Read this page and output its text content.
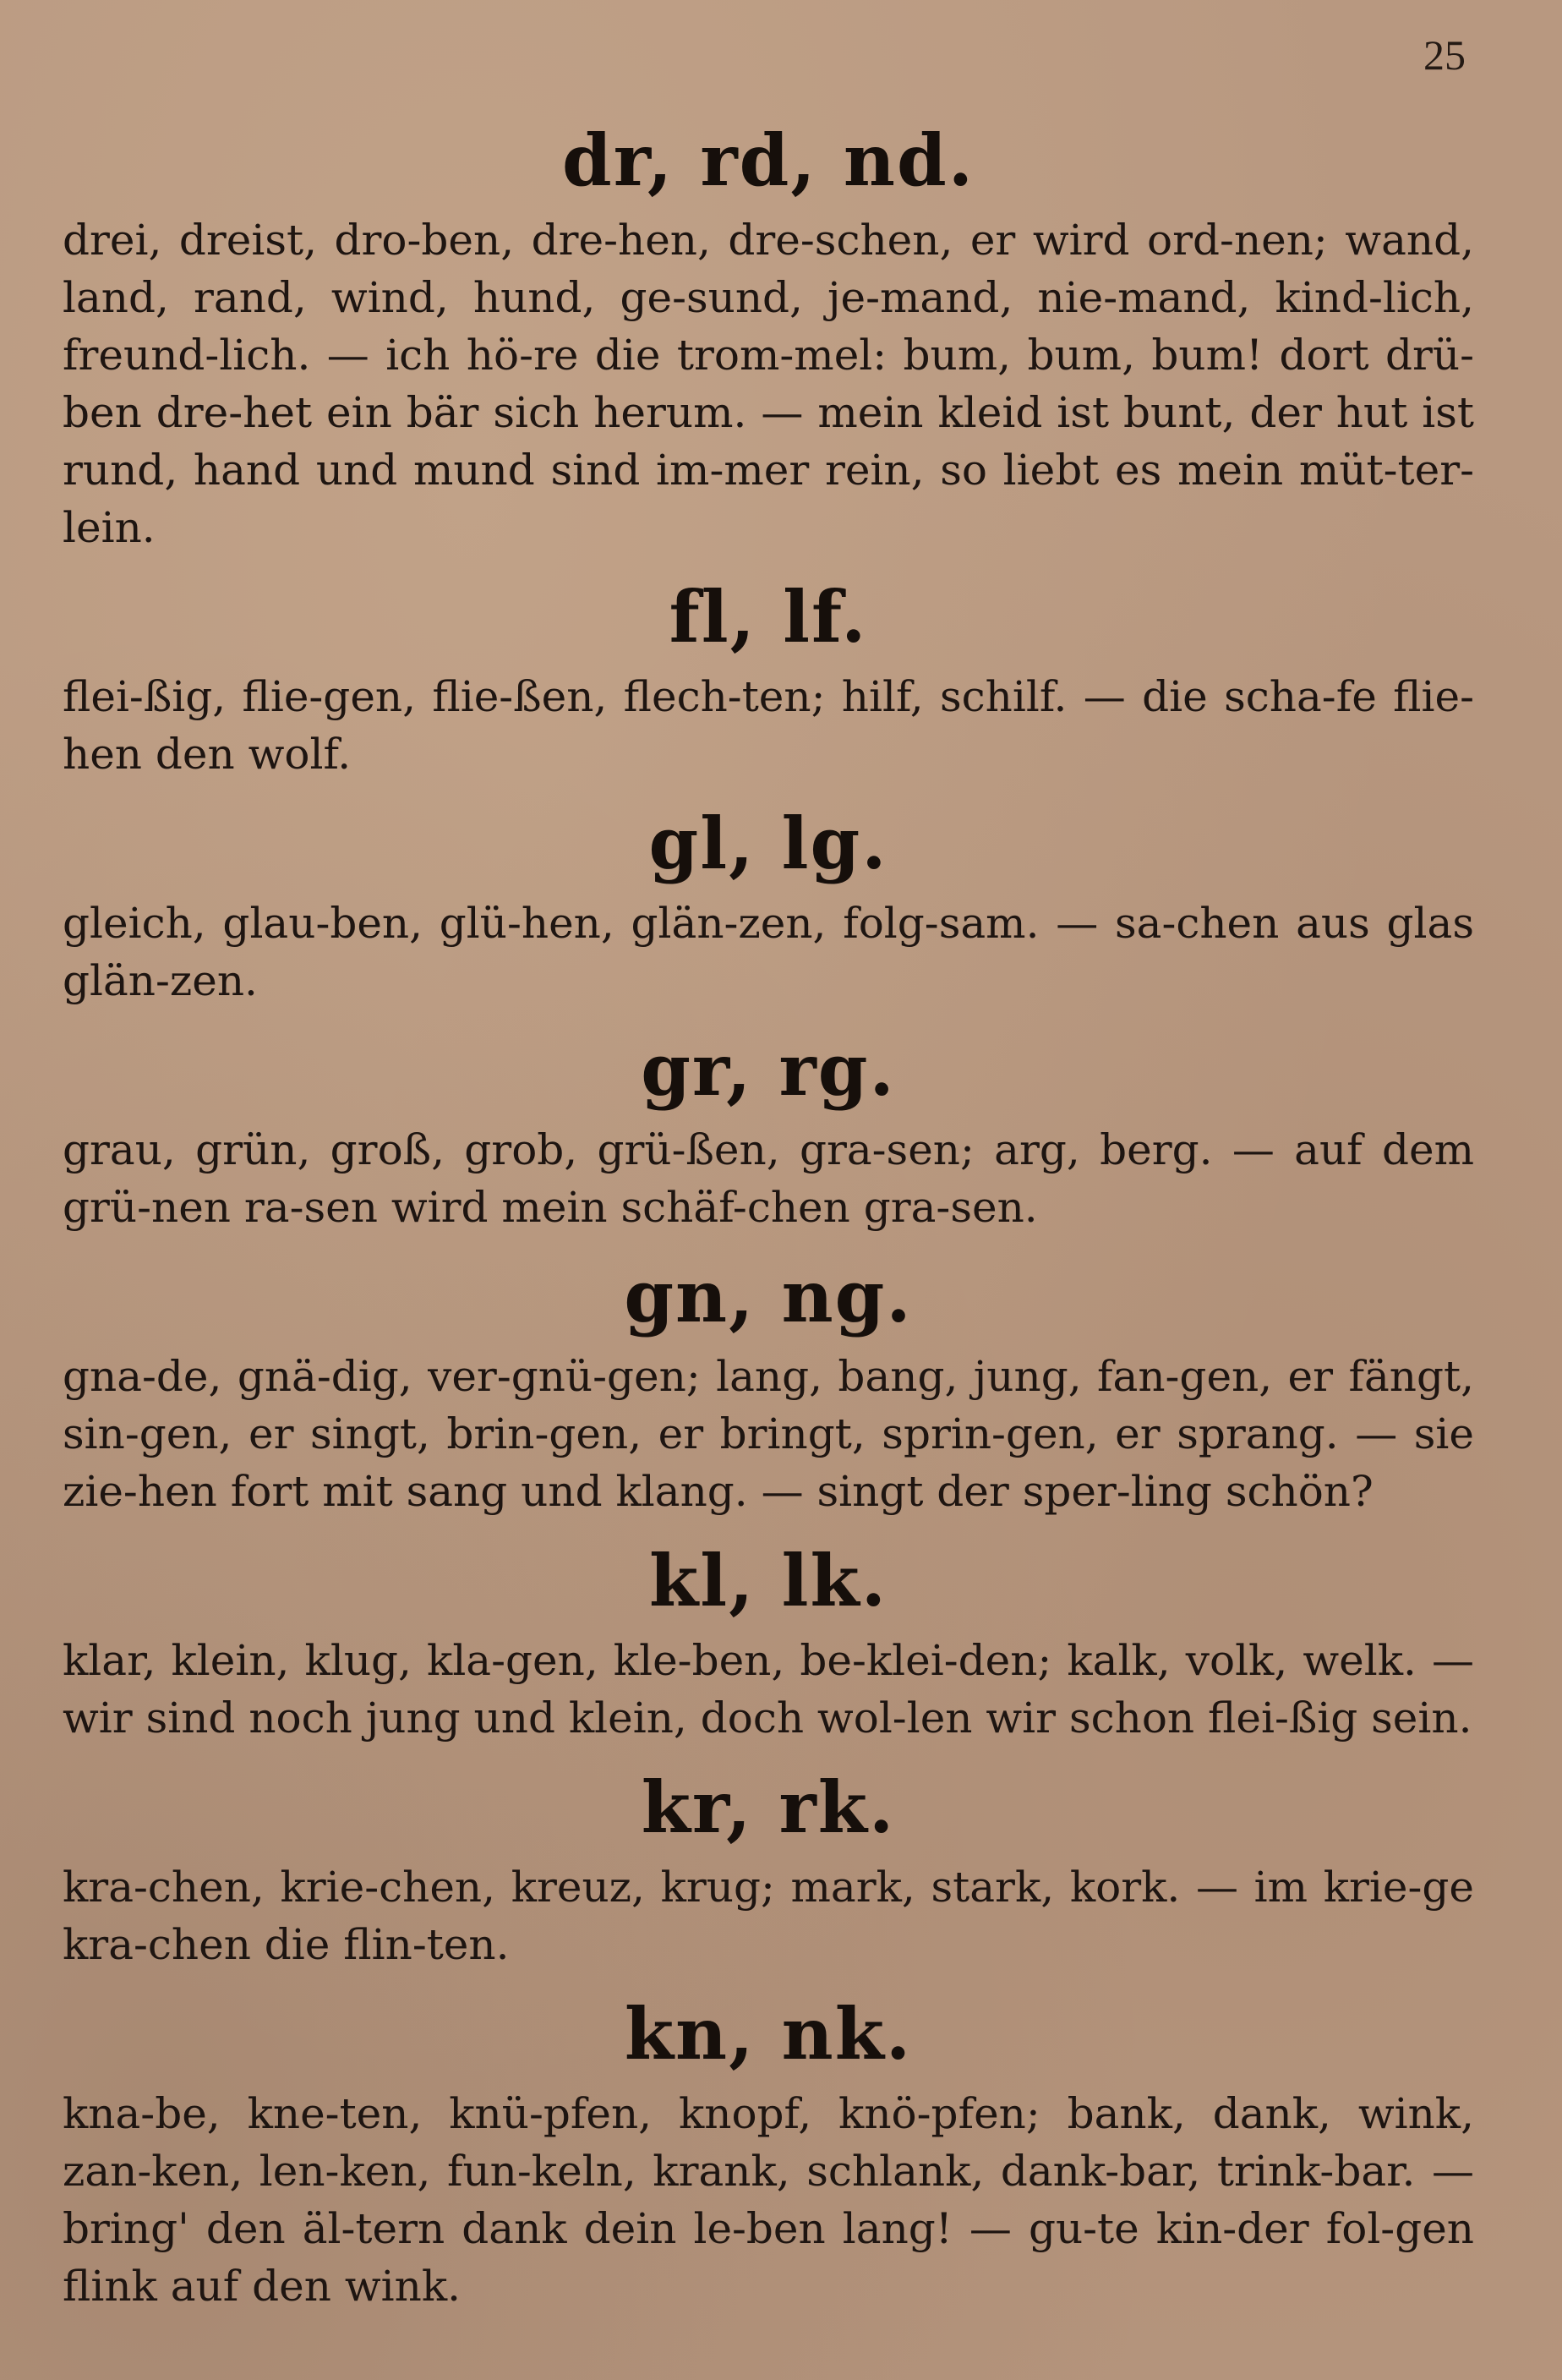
25
dr, rd, nd.

drei, dreist, dro-ben, dre-hen, dre-schen, er wird ord-nen; wand, land, rand, wind, hund, ge-sund, je-mand, nie-mand, kind-lich, freund-lich. — ich hö-re die trom-mel: bum, bum, bum! dort drü-ben dre-het ein bär sich herum. — mein kleid ist bunt, der hut ist rund, hand und mund sind im-mer rein, so liebt es mein müt-ter-lein.

fl, lf.

flei-ßig, flie-gen, flie-ßen, flech-ten; hilf, schilf. — die scha-fe flie-hen den wolf.

gl, lg.

gleich, glau-ben, glü-hen, glän-zen, folg-sam. — sa-chen aus glas glän-zen.

gr, rg.

grau, grün, groß, grob, grü-ßen, gra-sen; arg, berg. — auf dem grü-nen ra-sen wird mein schäf-chen gra-sen.

gn, ng.

gna-de, gnä-dig, ver-gnü-gen; lang, bang, jung, fan-gen, er fängt, sin-gen, er singt, brin-gen, er bringt, sprin-gen, er sprang. — sie zie-hen fort mit sang und klang. — singt der sper-ling schön?

kl, lk.

klar, klein, klug, kla-gen, kle-ben, be-klei-den; kalk, volk, welk. — wir sind noch jung und klein, doch wol-len wir schon flei-ßig sein.

kr, rk.

kra-chen, krie-chen, kreuz, krug; mark, stark, kork. — im krie-ge kra-chen die flin-ten.

kn, nk.

kna-be, kne-ten, knü-pfen, knopf, knö-pfen; bank, dank, wink, zan-ken, len-ken, fun-keln, krank, schlank, dank-bar, trink-bar. — bring' den äl-tern dank dein le-ben lang! — gu-te kin-der fol-gen flink auf den wink.
